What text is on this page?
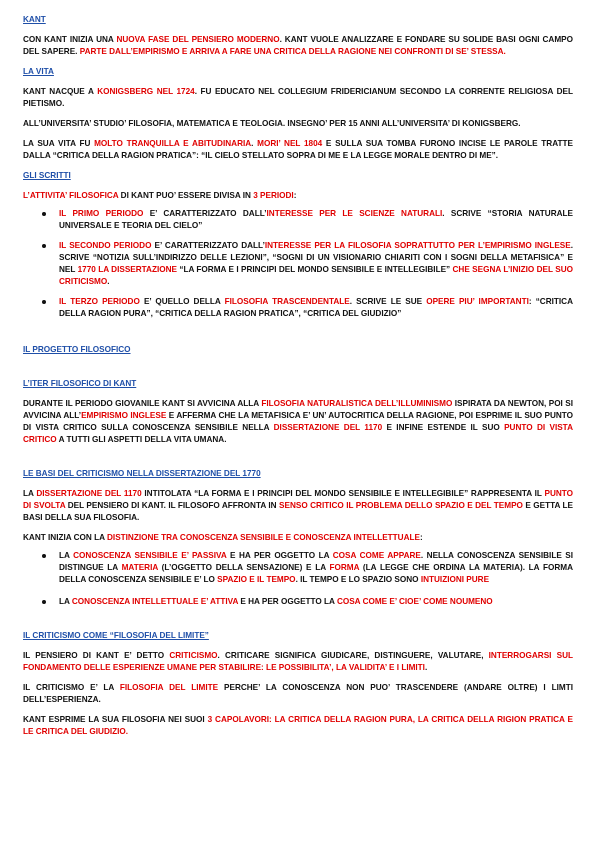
KANT

CON KANT INIZIA UNA NUOVA FASE DEL PENSIERO MODERNO. KANT VUOLE ANALIZZARE E FONDARE SU SOLIDE BASI OGNI CAMPO DEL SAPERE. PARTE DALL’EMPIRISMO E ARRIVA A FARE UNA CRITICA DELLA RAGIONE NEI CONFRONTI DI SE’ STESSA.

LA VITA

KANT NACQUE A KONIGSBERG NEL 1724. FU EDUCATO NEL COLLEGIUM FRIDERICIANUM SECONDO LA CORRENTE RELIGIOSA DEL PIETISMO.

ALL’UNIVERSITA’ STUDIO’ FILOSOFIA, MATEMATICA E TEOLOGIA. INSEGNO’ PER 15 ANNI ALL’UNIVERSITA’ DI KONIGSBERG.

LA SUA VITA FU MOLTO TRANQUILLA E ABITUDINARIA. MORI’ NEL 1804 E SULLA SUA TOMBA FURONO INCISE LE PAROLE TRATTE DALLA “CRITICA DELLA RAGION PRATICA”: “IL CIELO STELLATO SOPRA DI ME E LA LEGGE MORALE DENTRO DI ME”.

GLI SCRITTI

L’ATTIVITA’ FILOSOFICA DI KANT PUO’ ESSERE DIVISA IN 3 PERIODI:

IL PRIMO PERIODO E’ CARATTERIZZATO DALL’INTERESSE PER LE SCIENZE NATURALI. SCRIVE “STORIA NATURALE UNIVERSALE E TEORIA DEL CIELO”
IL SECONDO PERIODO E’ CARATTERIZZATO DALL’INTERESSE PER LA FILOSOFIA SOPRATTUTTO PER L’EMPIRISMO INGLESE. SCRIVE “NOTIZIA SULL’INDIRIZZO DELLE LEZIONI”, “SOGNI DI UN VISIONARIO CHIARITI CON I SOGNI DELLA METAFISICA” E NEL 1770 LA DISSERTAZIONE “LA FORMA E I PRINCIPI DEL MONDO SENSIBILE E INTELLEGIBILE” CHE SEGNA L’INIZIO DEL SUO CRITICISMO.
IL TERZO PERIODO E’ QUELLO DELLA FILOSOFIA TRASCENDENTALE. SCRIVE LE SUE OPERE PIU’ IMPORTANTI: “CRITICA DELLA RAGION PURA”, “CRITICA DELLA RAGION PRATICA”, “CRITICA DEL GIUDIZIO”
IL PROGETTO FILOSOFICO
L’ITER FILOSOFICO DI KANT

DURANTE IL PERIODO GIOVANILE KANT SI AVVICINA ALLA FILOSOFIA NATURALISTICA DELL’ILLUMINISMO ISPIRATA DA NEWTON, POI SI AVVICINA ALL’EMPIRISMO INGLESE E AFFERMA CHE LA METAFISICA E’ UN’ AUTOCRITICA DELLA RAGIONE, POI ESPRIME IL SUO PUNTO DI VISTA CRITICO SULLA CONOSCENZA SENSIBILE NELLA DISSERTAZIONE DEL 1170 E INFINE ESTENDE IL SUO PUNTO DI VISTA CRITICO A TUTTI GLI ASPETTI DELLA VITA UMANA.

LE BASI DEL CRITICISMO NELLA DISSERTAZIONE DEL 1770

LA DISSERTAZIONE DEL 1170 INTITOLATA “LA FORMA E I PRINCIPI DEL MONDO SENSIBILE E INTELLEGIBILE” RAPPRESENTA IL PUNTO DI SVOLTA DEL PENSIERO DI KANT. IL FILOSOFO AFFRONTA IN SENSO CRITICO IL PROBLEMA DELLO SPAZIO E DEL TEMPO E GETTA LE BASI DELLA SUA FILOSOFIA.

KANT INIZIA CON LA DISTINZIONE TRA CONOSCENZA SENSIBILE E CONOSCENZA INTELLETTUALE:

LA CONOSCENZA SENSIBILE E’ PASSIVA E HA PER OGGETTO LA COSA COME APPARE. NELLA CONOSCENZA SENSIBILE SI DISTINGUE LA MATERIA (L’OGGETTO DELLA SENSAZIONE) E LA FORMA (LA LEGGE CHE ORDINA LA MATERIA). LA FORMA DELLA CONOSCENZA SENSIBILE E’ LO SPAZIO E IL TEMPO. IL TEMPO E LO SPAZIO SONO INTUIZIONI PURE
LA CONOSCENZA INTELLETTUALE E’ ATTIVA E HA PER OGGETTO LA COSA COME E’ CIOE’ COME NOUMENO
IL CRITICISMO COME “FILOSOFIA DEL LIMITE”

IL PENSIERO DI KANT E’ DETTO CRITICISMO. CRITICARE SIGNIFICA GIUDICARE, DISTINGUERE, VALUTARE, INTERROGARSI SUL FONDAMENTO DELLE ESPERIENZE UMANE PER STABILIRE: LE POSSIBILITA’, LA VALIDITA’ E I LIMITI.

IL CRITICISMO E’ LA FILOSOFIA DEL LIMITE PERCHE’ LA CONOSCENZA NON PUO’ TRASCENDERE (ANDARE OLTRE) I LIMTI DELL’ESPERIENZA.

KANT ESPRIME LA SUA FILOSOFIA NEI SUOI 3 CAPOLAVORI: LA CRITICA DELLA RAGION PURA, LA CRITICA DELLA RIGION PRATICA E LE CRITICA DEL GIUDIZIO.
